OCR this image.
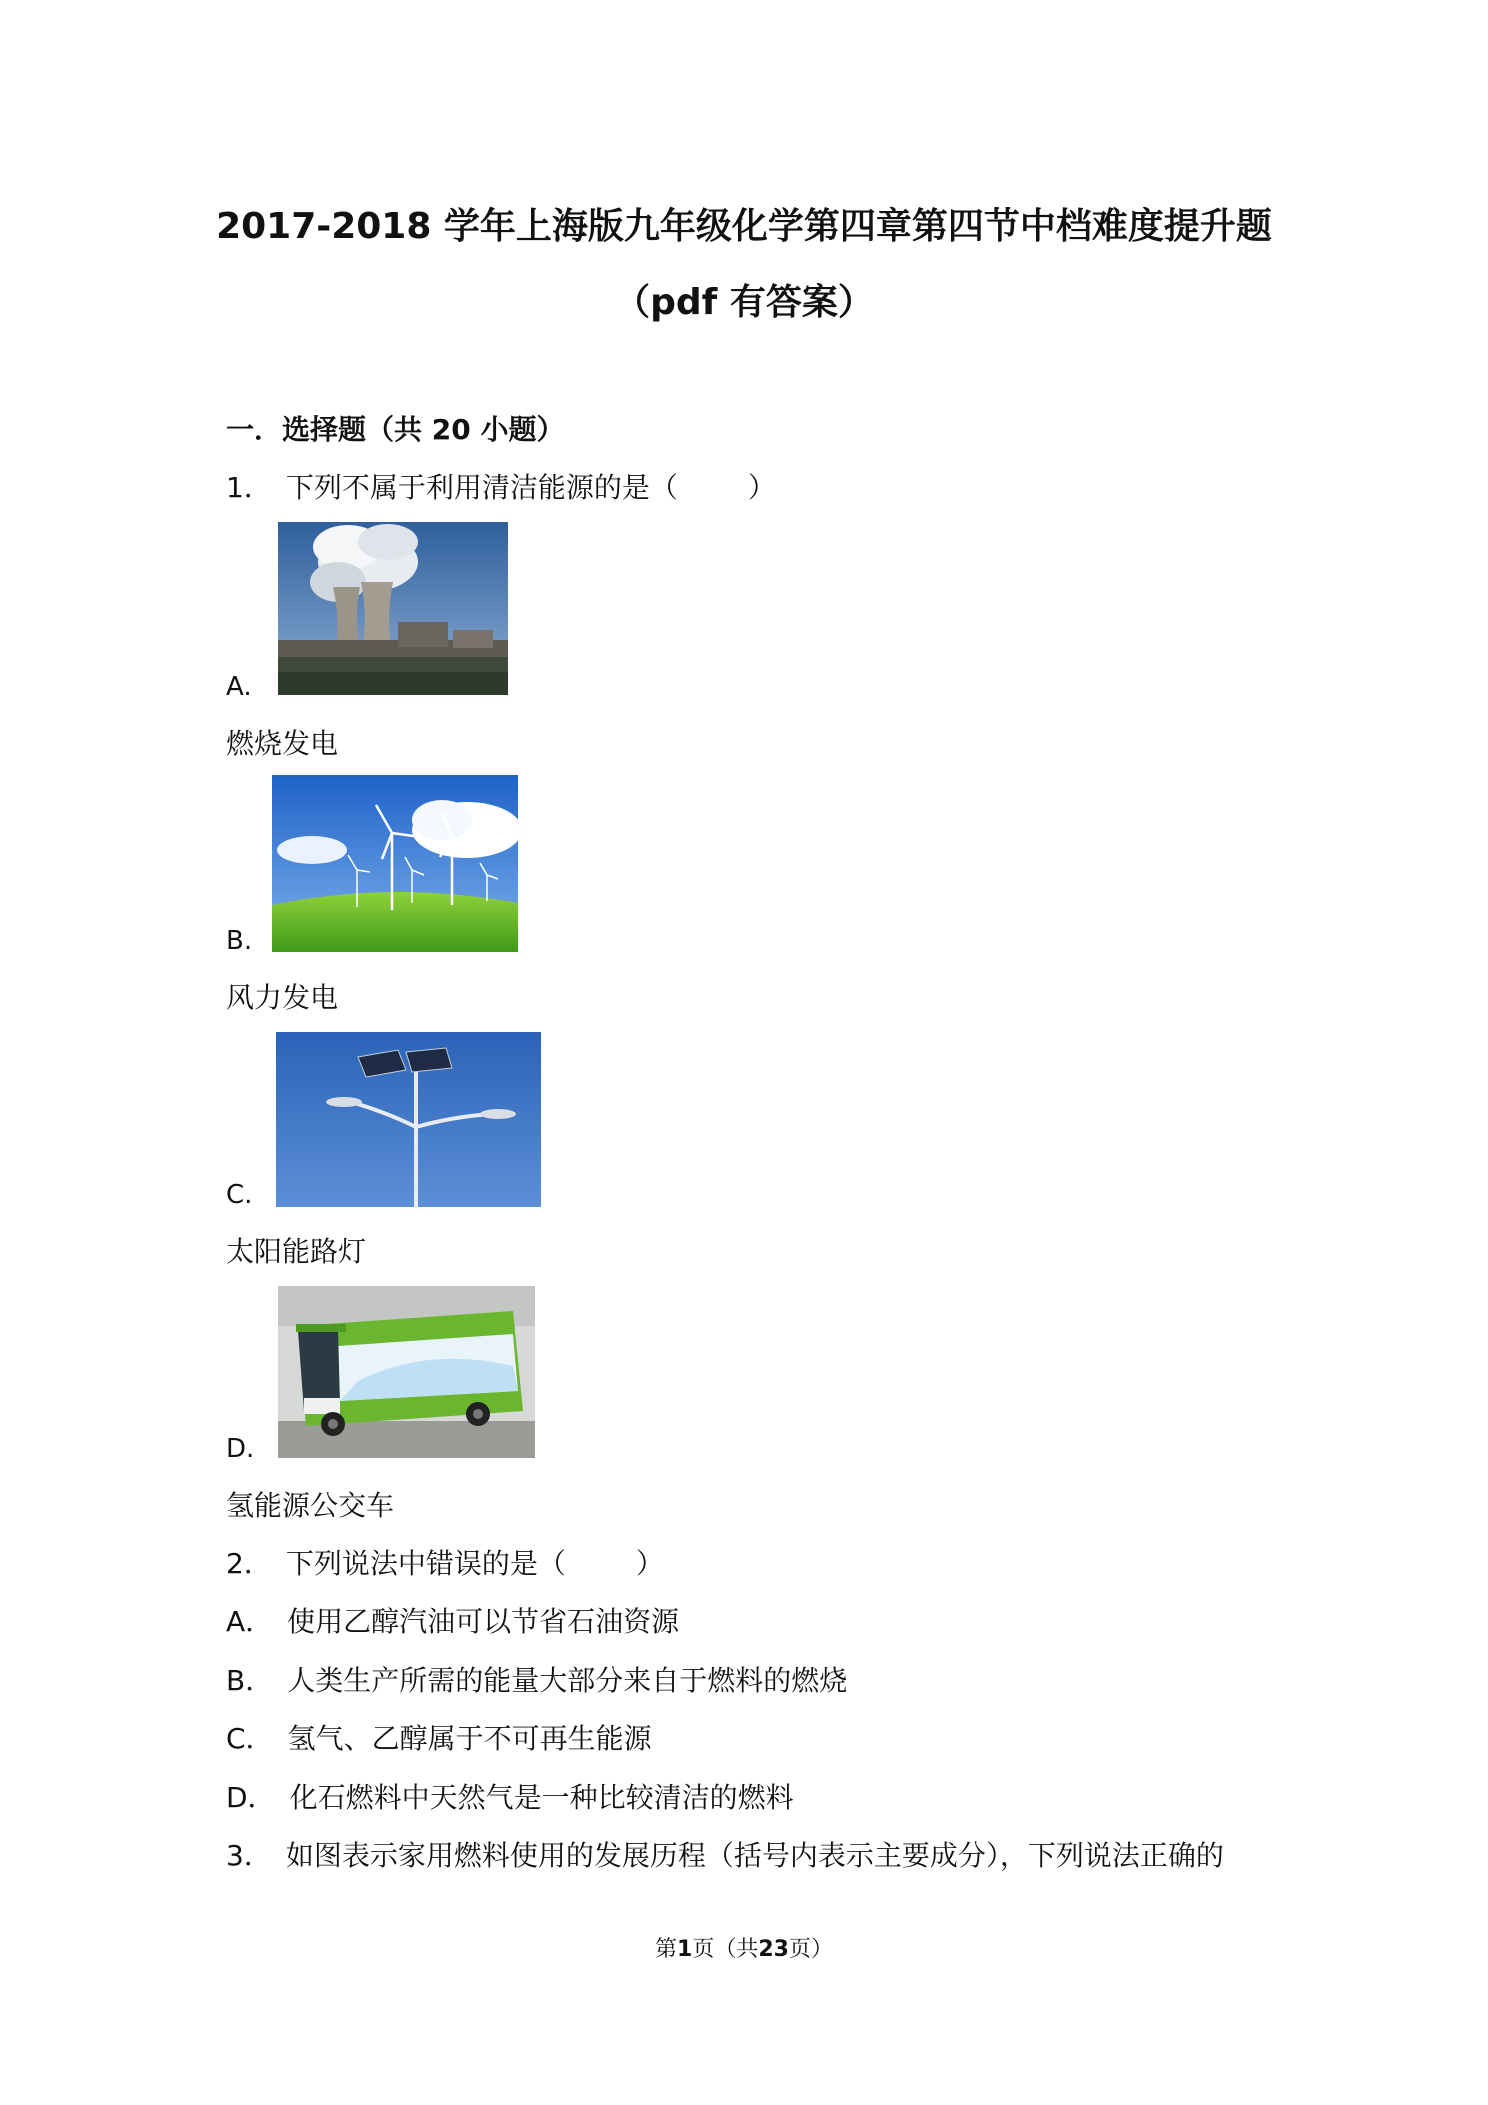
2017-2018 学年上海版九年级化学第四章第四节中档难度提升题
（pdf 有答案）
一．选择题（共 20 小题）
1． 下列不属于利用清洁能源的是（	）
A.
燃烧发电
B.
风力发电
C.
太阳能路灯
D.
氢能源公交车
2． 下列说法中错误的是（	）
A． 使用乙醇汽油可以节省石油资源
B． 人类生产所需的能量大部分来自于燃料的燃烧
C． 氢气、乙醇属于不可再生能源
D． 化石燃料中天然气是一种比较清洁的燃料
3． 如图表示家用燃料使用的发展历程（括号内表示主要成分），下列说法正确的
第1页（共23页）
